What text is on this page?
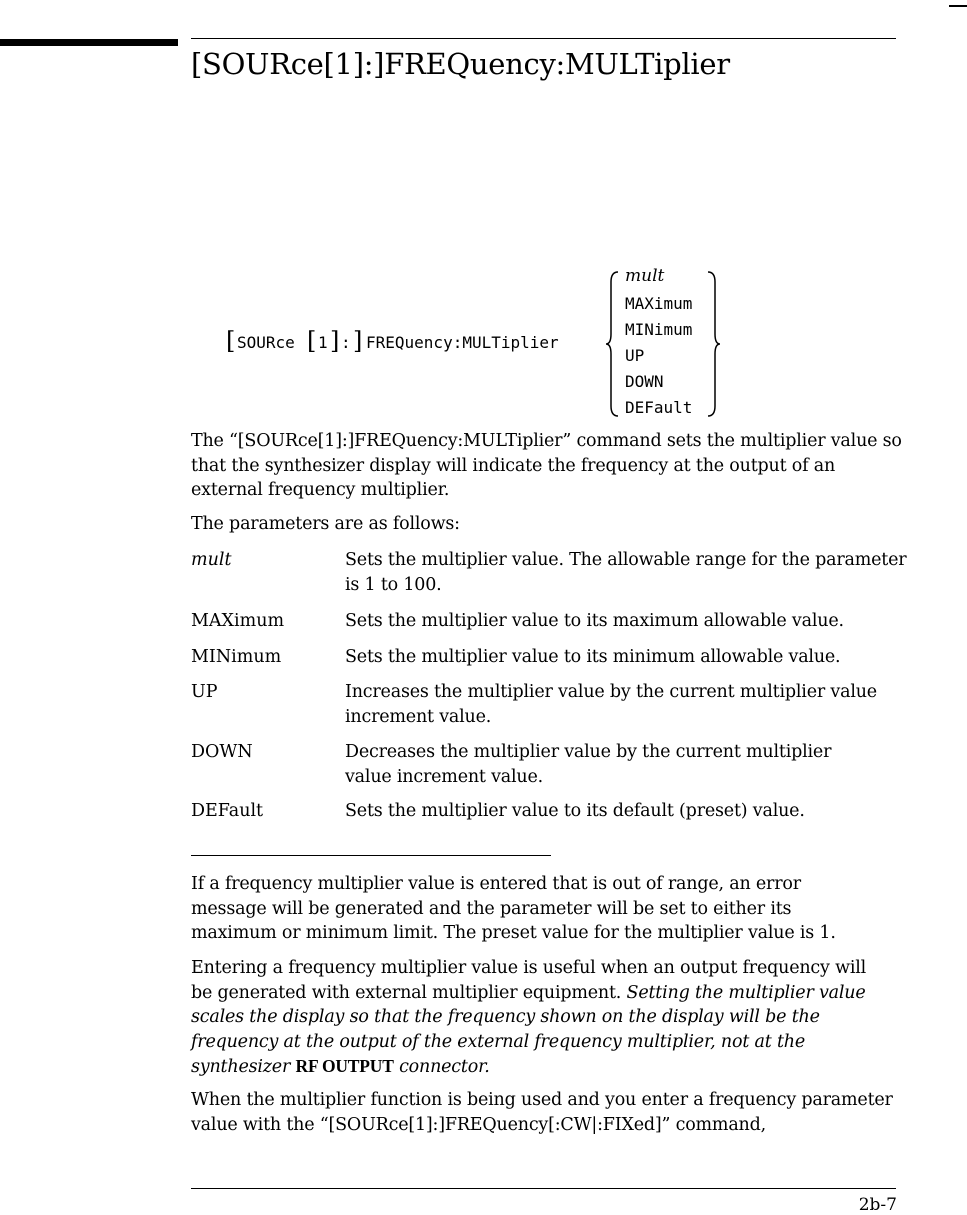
[SOURce[1]:]FREQuency:MULTiplier
[ SOURce [ 1 ] : ] FREQuency:MULTiplier
mult
MAXimum
MINimum
UP
DOWN
DEFault
The “[SOURce[1]:]FREQuency:MULTiplier” command sets the multiplier value so that the synthesizer display will indicate the frequency at the output of an external frequency multiplier.
The parameters are as follows:
mult	Sets the multiplier value. The allowable range for the parameter is 1 to 100.
MAXimum	Sets the multiplier value to its maximum allowable value.
MINimum	Sets the multiplier value to its minimum allowable value.
UP	Increases the multiplier value by the current multiplier value increment value.
DOWN	Decreases the multiplier value by the current multiplier value increment value.
DEFault	Sets the multiplier value to its default (preset) value.
If a frequency multiplier value is entered that is out of range, an error message will be generated and the parameter will be set to either its maximum or minimum limit. The preset value for the multiplier value is 1.
Entering a frequency multiplier value is useful when an output frequency will be generated with external multiplier equipment. Setting the multiplier value scales the display so that the frequency shown on the display will be the frequency at the output of the external frequency multiplier, not at the synthesizer RF OUTPUT connector.
When the multiplier function is being used and you enter a frequency parameter value with the “[SOURce[1]:]FREQuency[:CW|:FIXed]” command,
2b-7
